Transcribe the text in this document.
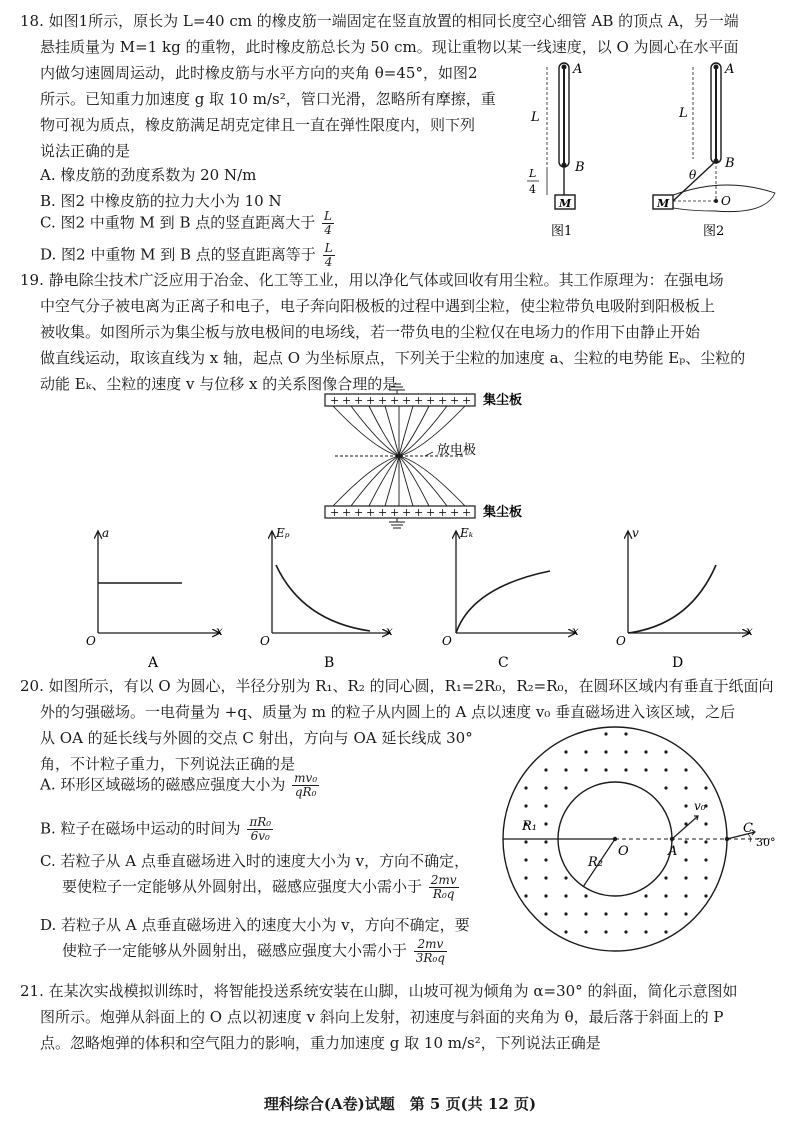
18. 如图1所示，原长为 L=40 cm 的橡皮筋一端固定在竖直放置的相同长度空心细管 AB 的顶点 A，另一端
悬挂质量为 M=1 kg 的重物，此时橡皮筋总长为 50 cm。现让重物以某一线速度，以 O 为圆心在水平面
内做匀速圆周运动，此时橡皮筋与水平方向的夹角 θ=45°，如图2
所示。已知重力加速度 g 取 10 m/s²，管口光滑，忽略所有摩擦，重
物可视为质点，橡皮筋满足胡克定律且一直在弹性限度内，则下列
说法正确的是
A. 橡皮筋的劲度系数为 20 N/m
B. 图2 中橡皮筋的拉力大小为 10 N
C. 图2 中重物 M 到 B 点的竖直距离大于 $\frac{L}{4}$
D. 图2 中重物 M 到 B 点的竖直距离等于 $\frac{L}{4}$
A
B
L
L
4
M
图1
A
B
L
θ
O
M
图2
19. 静电除尘技术广泛应用于冶金、化工等工业，用以净化气体或回收有用尘粒。其工作原理为：在强电场
中空气分子被电离为正离子和电子，电子奔向阳极板的过程中遇到尘粒，使尘粒带负电吸附到阳极板上
被收集。如图所示为集尘板与放电极间的电场线，若一带负电的尘粒仅在电场力的作用下由静止开始
做直线运动，取该直线为 x 轴，起点 O 为坐标原点，下列关于尘粒的加速度 a、尘粒的电势能 Eₚ、尘粒的
动能 Eₖ、尘粒的速度 v 与位移 x 的关系图像合理的是
+ + + + + + + + + + + +
+ + + + + + + + + + + +
集尘板
放电极
集尘板
a
x
O
A
Eₚ
x
O
B
Eₖ
x
O
C
v
x
O
D
20. 如图所示，有以 O 为圆心，半径分别为 R₁、R₂ 的同心圆，R₁=2R₀，R₂=R₀，在圆环区域内有垂直于纸面向
外的匀强磁场。一电荷量为 +q、质量为 m 的粒子从内圆上的 A 点以速度 v₀ 垂直磁场进入该区域，之后
从 OA 的延长线与外圆的交点 C 射出，方向与 OA 延长线成 30°
角，不计粒子重力，下列说法正确的是
A. 环形区域磁场的磁感应强度大小为 $\frac{\text{mv₀}}{\text{qR₀}}$
B. 粒子在磁场中运动的时间为 $\frac{\text{πR₀}}{\text{6v₀}}$
C. 若粒子从 A 点垂直磁场进入时的速度大小为 v，方向不确定，
要使粒子一定能够从外圆射出，磁感应强度大小需小于 $\frac{2mv}{\text{R₀q}}$
D. 若粒子从 A 点垂直磁场进入的速度大小为 v，方向不确定，要
使粒子一定能够从外圆射出，磁感应强度大小需小于 $\frac{2mv}{\text{3R₀q}}$
R₁
R₂
O	A
C
v₀
30°
21. 在某次实战模拟训练时，将智能投送系统安装在山脚，山坡可视为倾角为 α=30° 的斜面，简化示意图如
图所示。炮弹从斜面上的 O 点以初速度 v 斜向上发射，初速度与斜面的夹角为 θ，最后落于斜面上的 P
点。忽略炮弹的体积和空气阻力的影响，重力加速度 g 取 10 m/s²，下列说法正确是
理科综合(A卷)试题　第 5 页(共 12 页)
